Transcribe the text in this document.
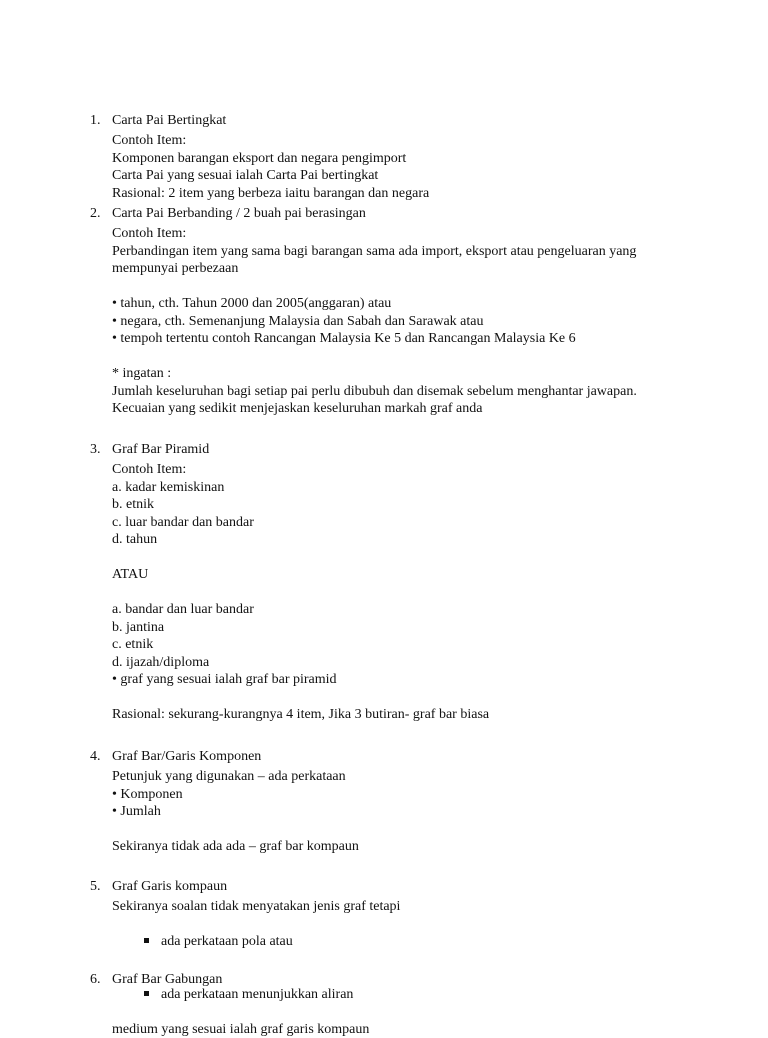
1. Carta Pai Bertingkat
Contoh Item:
Komponen barangan eksport dan negara pengimport
Carta Pai yang sesuai ialah Carta Pai bertingkat
Rasional: 2 item yang berbeza iaitu barangan dan negara
2. Carta Pai Berbanding / 2 buah pai berasingan
Contoh Item:
Perbandingan item yang sama bagi barangan sama ada import, eksport atau pengeluaran yang
mempunyai perbezaan
• tahun, cth. Tahun 2000 dan 2005(anggaran) atau
• negara, cth. Semenanjung Malaysia dan Sabah dan Sarawak atau
• tempoh tertentu contoh Rancangan Malaysia Ke 5 dan Rancangan Malaysia Ke 6
* ingatan :
Jumlah keseluruhan bagi setiap pai perlu dibubuh dan disemak sebelum menghantar jawapan.
Kecuaian yang sedikit menjejaskan keseluruhan markah graf anda
3. Graf Bar Piramid
Contoh Item:
a. kadar kemiskinan
b. etnik
c. luar bandar dan bandar
d. tahun
ATAU
a. bandar dan luar bandar
b. jantina
c. etnik
d. ijazah/diploma
• graf yang sesuai ialah graf bar piramid
Rasional: sekurang-kurangnya 4 item, Jika 3 butiran- graf bar biasa
4. Graf Bar/Garis Komponen
Petunjuk yang digunakan – ada perkataan
• Komponen
• Jumlah
Sekiranya tidak ada ada – graf bar kompaun
5. Graf Garis kompaun
Sekiranya soalan tidak menyatakan jenis graf tetapi

ada perkataan pola atau

ada perkataan menunjukkan aliran

medium yang sesuai ialah graf garis kompaun
6. Graf Bar Gabungan
